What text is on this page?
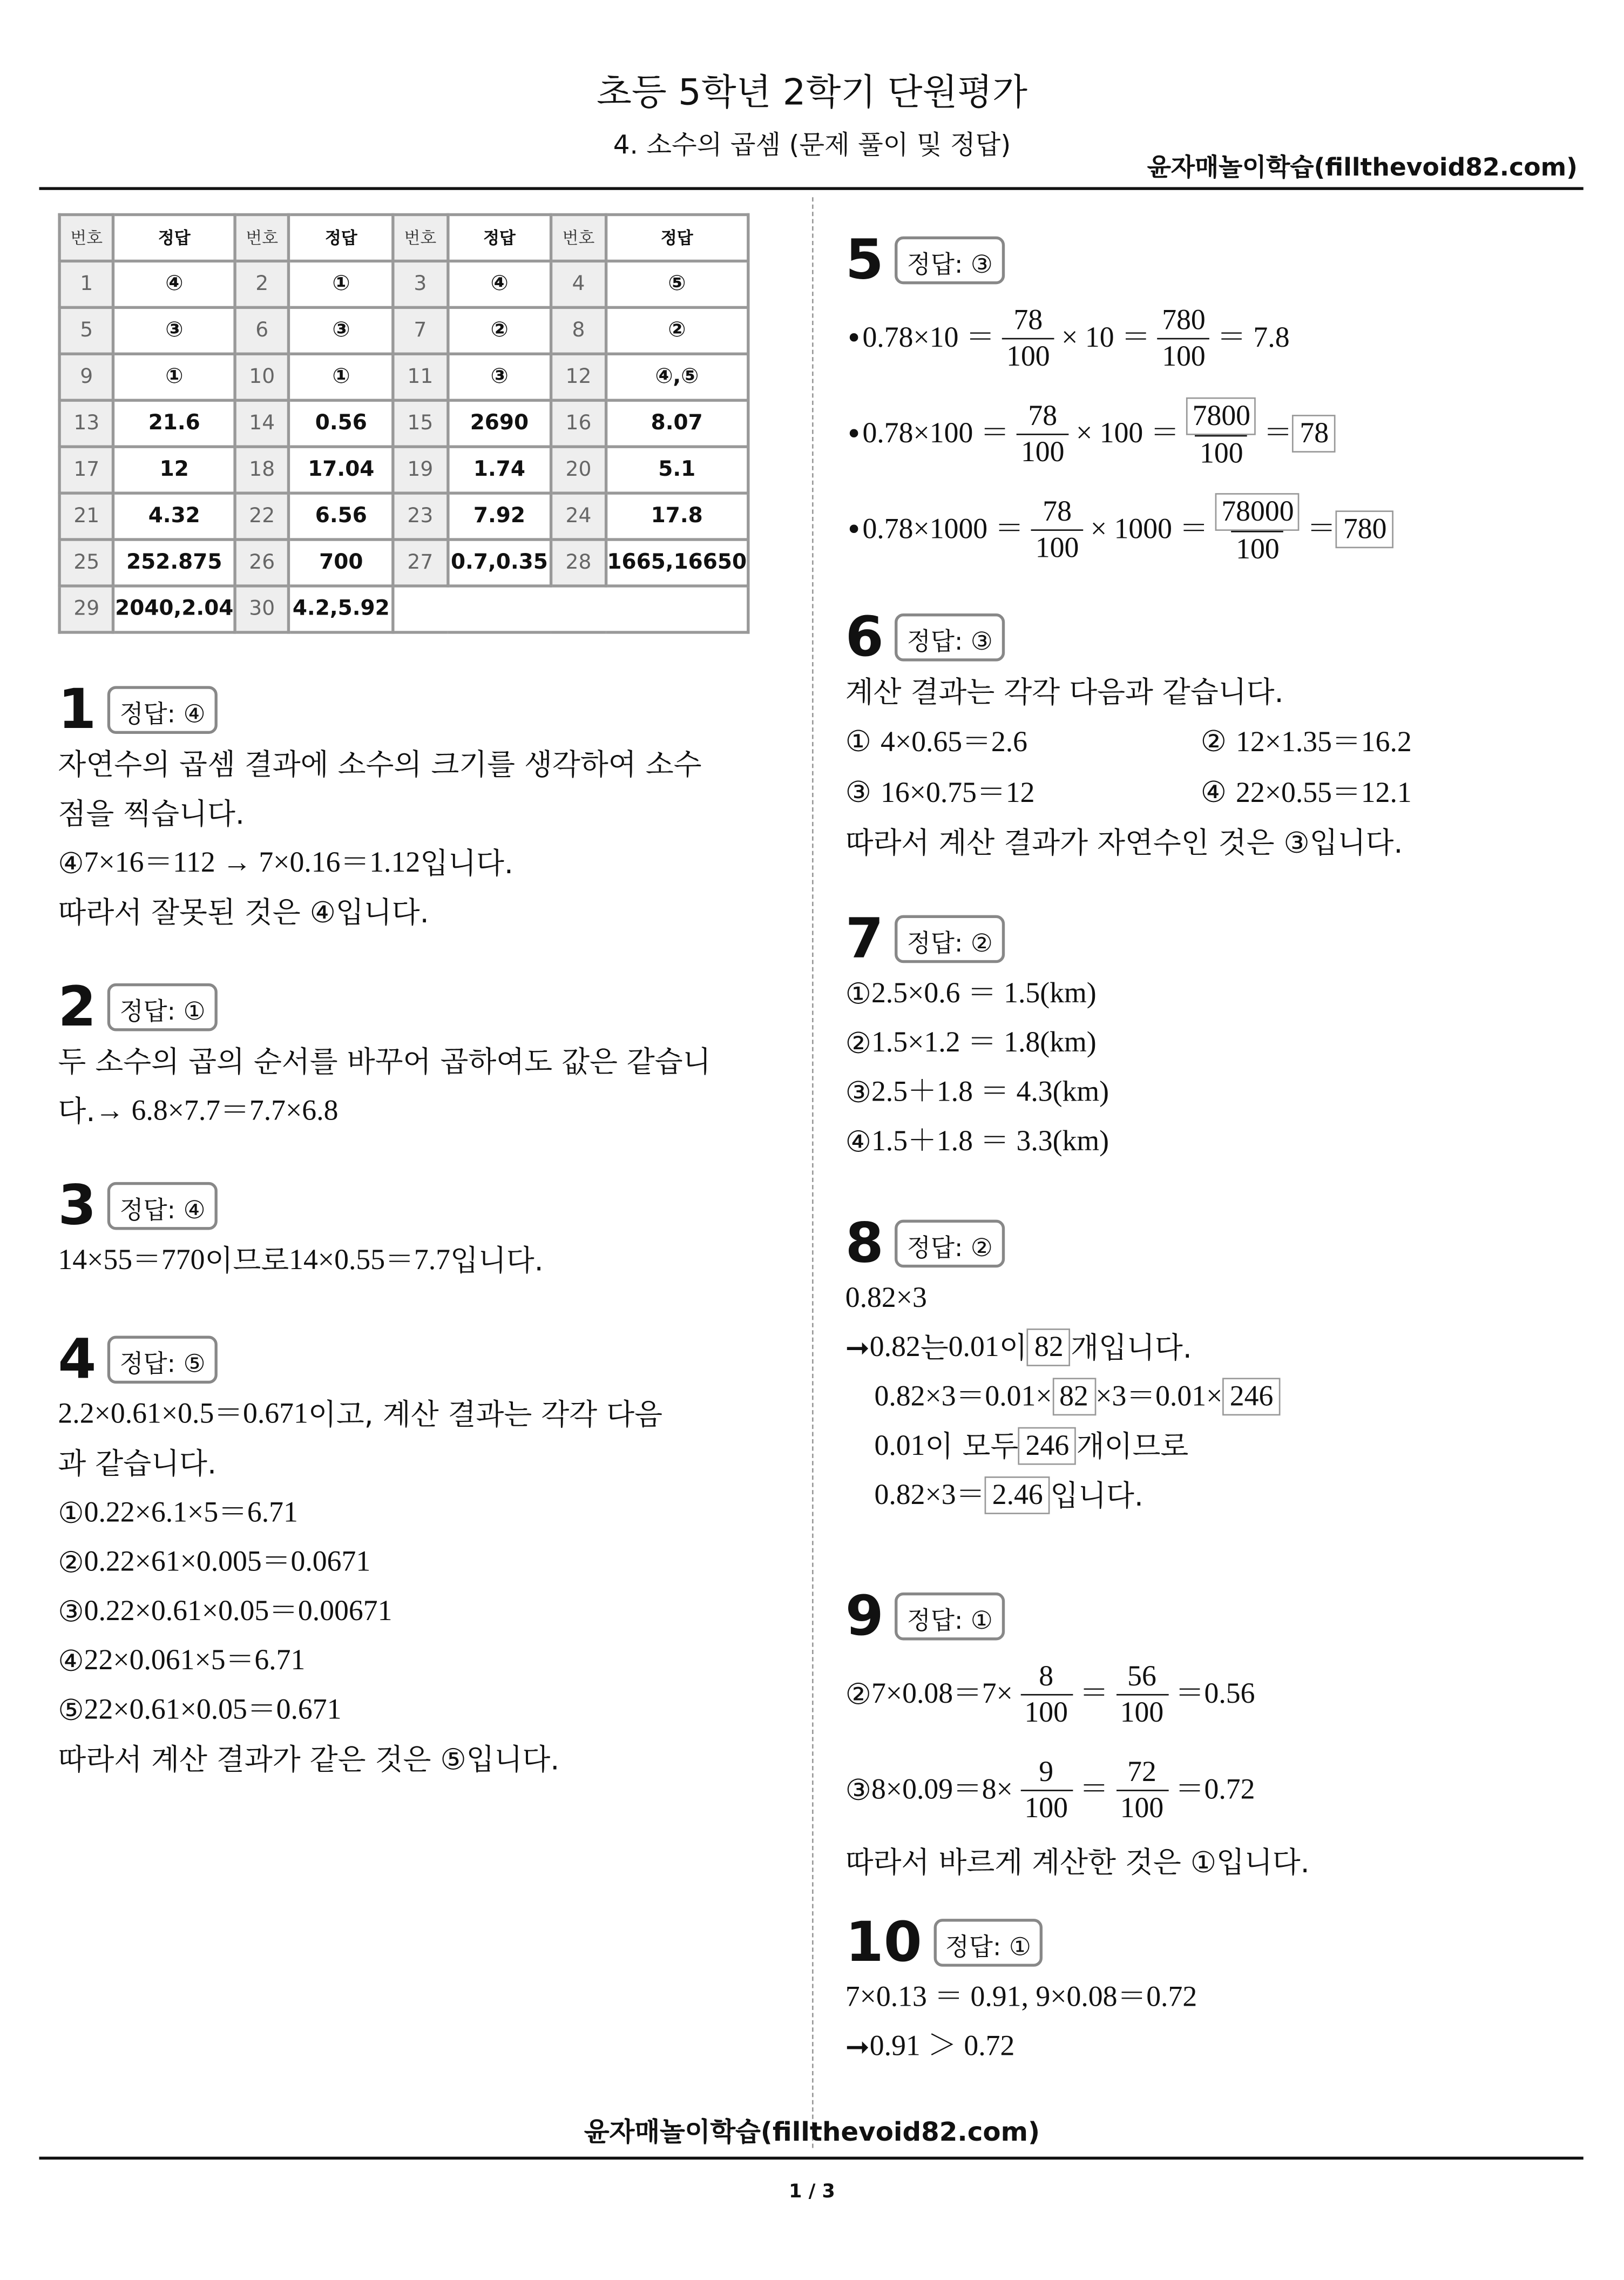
초등 5학년 2학기 단원평가
4. 소수의 곱셈 (문제 풀이 및 정답)
윤자매놀이학습(fillthevoid82.com)
번호	정답	번호	정답	번호	정답	번호	정답
1	④	2	①	3	④	4	⑤
5	③	6	③	7	②	8	②
9	①	10	①	11	③	12	④,⑤
13	21.6	14	0.56	15	2690	16	8.07
17	12	18	17.04	19	1.74	20	5.1
21	4.32	22	6.56	23	7.92	24	17.8
25	252.875	26	700	27	0.7,0.35	28	1665,16650
29	2040,2.04	30	4.2,5.92				
1	정답: ④
자연수의 곱셈 결과에 소수의 크기를 생각하여 소수
점을 찍습니다.
④ 7×16＝112 → 7×0.16＝1.12 입니다.
따라서 잘못된 것은 ④입니다.
2	정답: ①
두 소수의 곱의 순서를 바꾸어 곱하여도 값은 같습니
다. → 6.8×7.7＝7.7×6.8
3	정답: ④
14×55＝770 이므로 14×0.55＝7.7 입니다.
4	정답: ⑤
2.2×0.61×0.5＝0.671 이고, 계산 결과는 각각 다음
과 같습니다.
① 0.22×6.1×5＝6.71
② 0.22×61×0.005＝0.0671
③ 0.22×0.61×0.05＝0.00671
④ 22×0.061×5＝6.71
⑤ 22×0.61×0.05＝0.671
따라서 계산 결과가 같은 것은 ⑤입니다.
5	정답: ③
• $0.78\times 10 = \frac{78}{100} \times 10 = \frac{780}{100} = 7.8$
• $0.78\times 100 = \frac{78}{100} \times 100 = \frac{7800}{100} = 78$
• $0.78\times 1000 = \frac{78}{100} \times 1000 = \frac{78000}{100} = 780$
6	정답: ③
계산 결과는 각각 다음과 같습니다.
① 4×0.65＝2.6	② 12×1.35＝16.2
③ 16×0.75＝12	④ 22×0.55＝12.1
따라서 계산 결과가 자연수인 것은 ③입니다.
7	정답: ②
① 2.5×0.6 ＝ 1.5(km)
② 1.5×1.2 ＝ 1.8(km)
③ 2.5＋1.8 ＝ 4.3(km)
④ 1.5＋1.8 ＝ 3.3(km)
8	정답: ②
0.82×3
➞ 0.82 는 0.01 이 82 개입니다.

0.82×3＝0.01× 82 ×3＝0.01× 246

0.01 이 모두 246 개이므로

0.82×3＝ 2.46 입니다.
9	정답: ①
② $7\times 0.08=7\times \frac{8}{100} = \frac{56}{100} =0.56$
③ $8\times 0.09=8\times \frac{9}{100} = \frac{72}{100} =0.72$
따라서 바르게 계산한 것은 ①입니다.
10	정답: ①
7×0.13 ＝ 0.91, 9×0.08＝0.72
➞ 0.91 ＞ 0.72
윤자매놀이학습(fillthevoid82.com)
1 / 3
